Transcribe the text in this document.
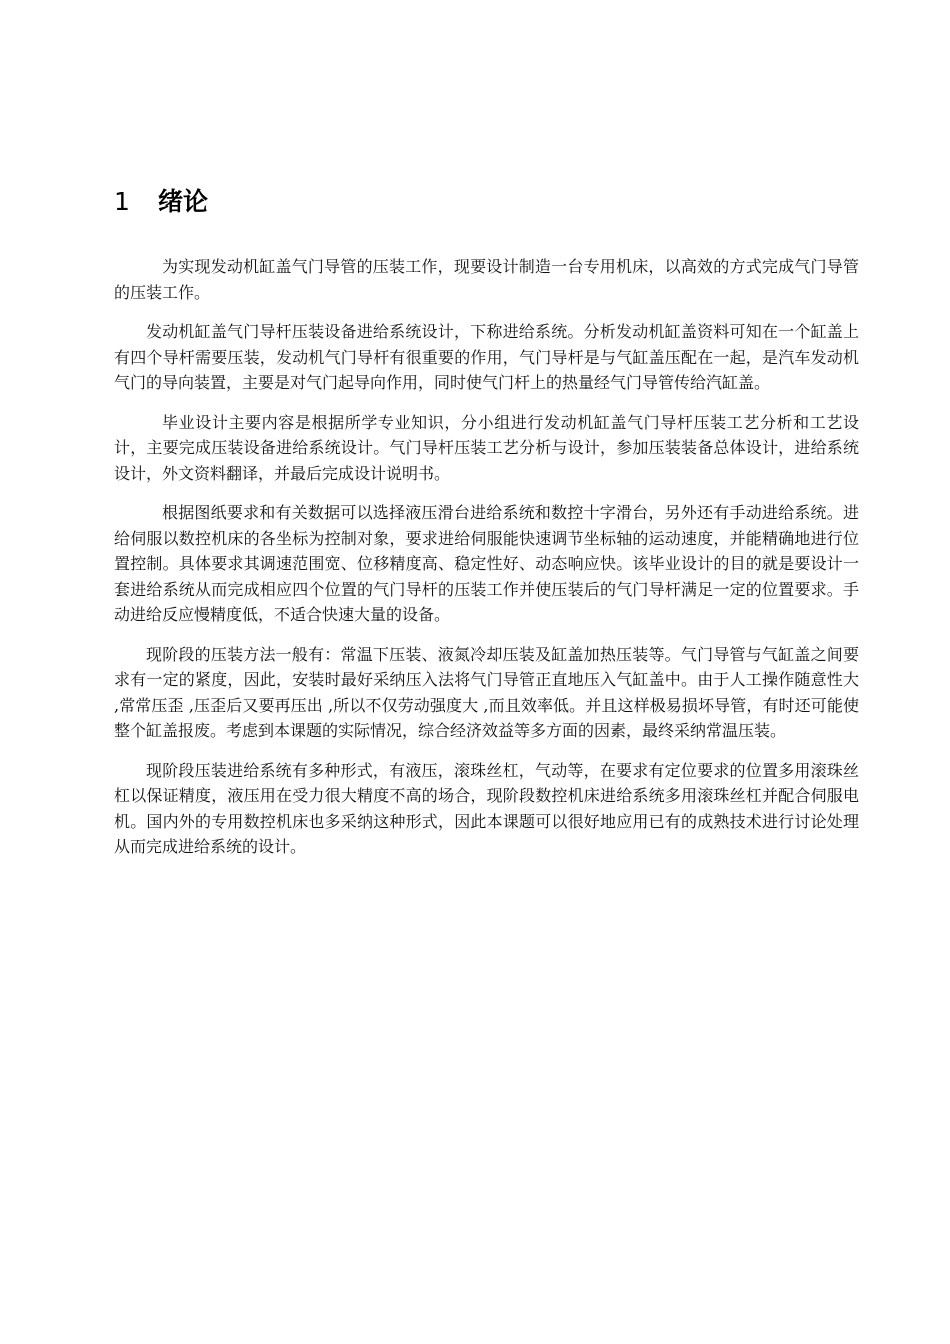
1 绪论

为实现发动机缸盖气门导管的压装工作，现要设计制造一台专用机床，以高效的方式完成气门导管的压装工作。

发动机缸盖气门导杆压装设备进给系统设计，下称进给系统。分析发动机缸盖资料可知在一个缸盖上有四个导杆需要压装，发动机气门导杆有很重要的作用，气门导杆是与气缸盖压配在一起，是汽车发动机气门的导向装置，主要是对气门起导向作用，同时使气门杆上的热量经气门导管传给汽缸盖。

毕业设计主要内容是根据所学专业知识，分小组进行发动机缸盖气门导杆压装工艺分析和工艺设计，主要完成压装设备进给系统设计。气门导杆压装工艺分析与设计，参加压装装备总体设计，进给系统设计，外文资料翻译，并最后完成设计说明书。

根据图纸要求和有关数据可以选择液压滑台进给系统和数控十字滑台，另外还有手动进给系统。进给伺服以数控机床的各坐标为控制对象，要求进给伺服能快速调节坐标轴的运动速度，并能精确地进行位置控制。具体要求其调速范围宽、位移精度高、稳定性好、动态响应快。该毕业设计的目的就是要设计一套进给系统从而完成相应四个位置的气门导杆的压装工作并使压装后的气门导杆满足一定的位置要求。手动进给反应慢精度低，不适合快速大量的设备。

现阶段的压装方法一般有：常温下压装、液氮冷却压装及缸盖加热压装等。气门导管与气缸盖之间要求有一定的紧度，因此，安装时最好采纳压入法将气门导管正直地压入气缸盖中。由于人工操作随意性大 ,常常压歪 ,压歪后又要再压出 ,所以不仅劳动强度大 ,而且效率低。并且这样极易损坏导管，有时还可能使整个缸盖报废。考虑到本课题的实际情况，综合经济效益等多方面的因素，最终采纳常温压装。

现阶段压装进给系统有多种形式，有液压，滚珠丝杠，气动等，在要求有定位要求的位置多用滚珠丝杠以保证精度，液压用在受力很大精度不高的场合，现阶段数控机床进给系统多用滚珠丝杠并配合伺服电机。国内外的专用数控机床也多采纳这种形式，因此本课题可以很好地应用已有的成熟技术进行讨论处理从而完成进给系统的设计。
